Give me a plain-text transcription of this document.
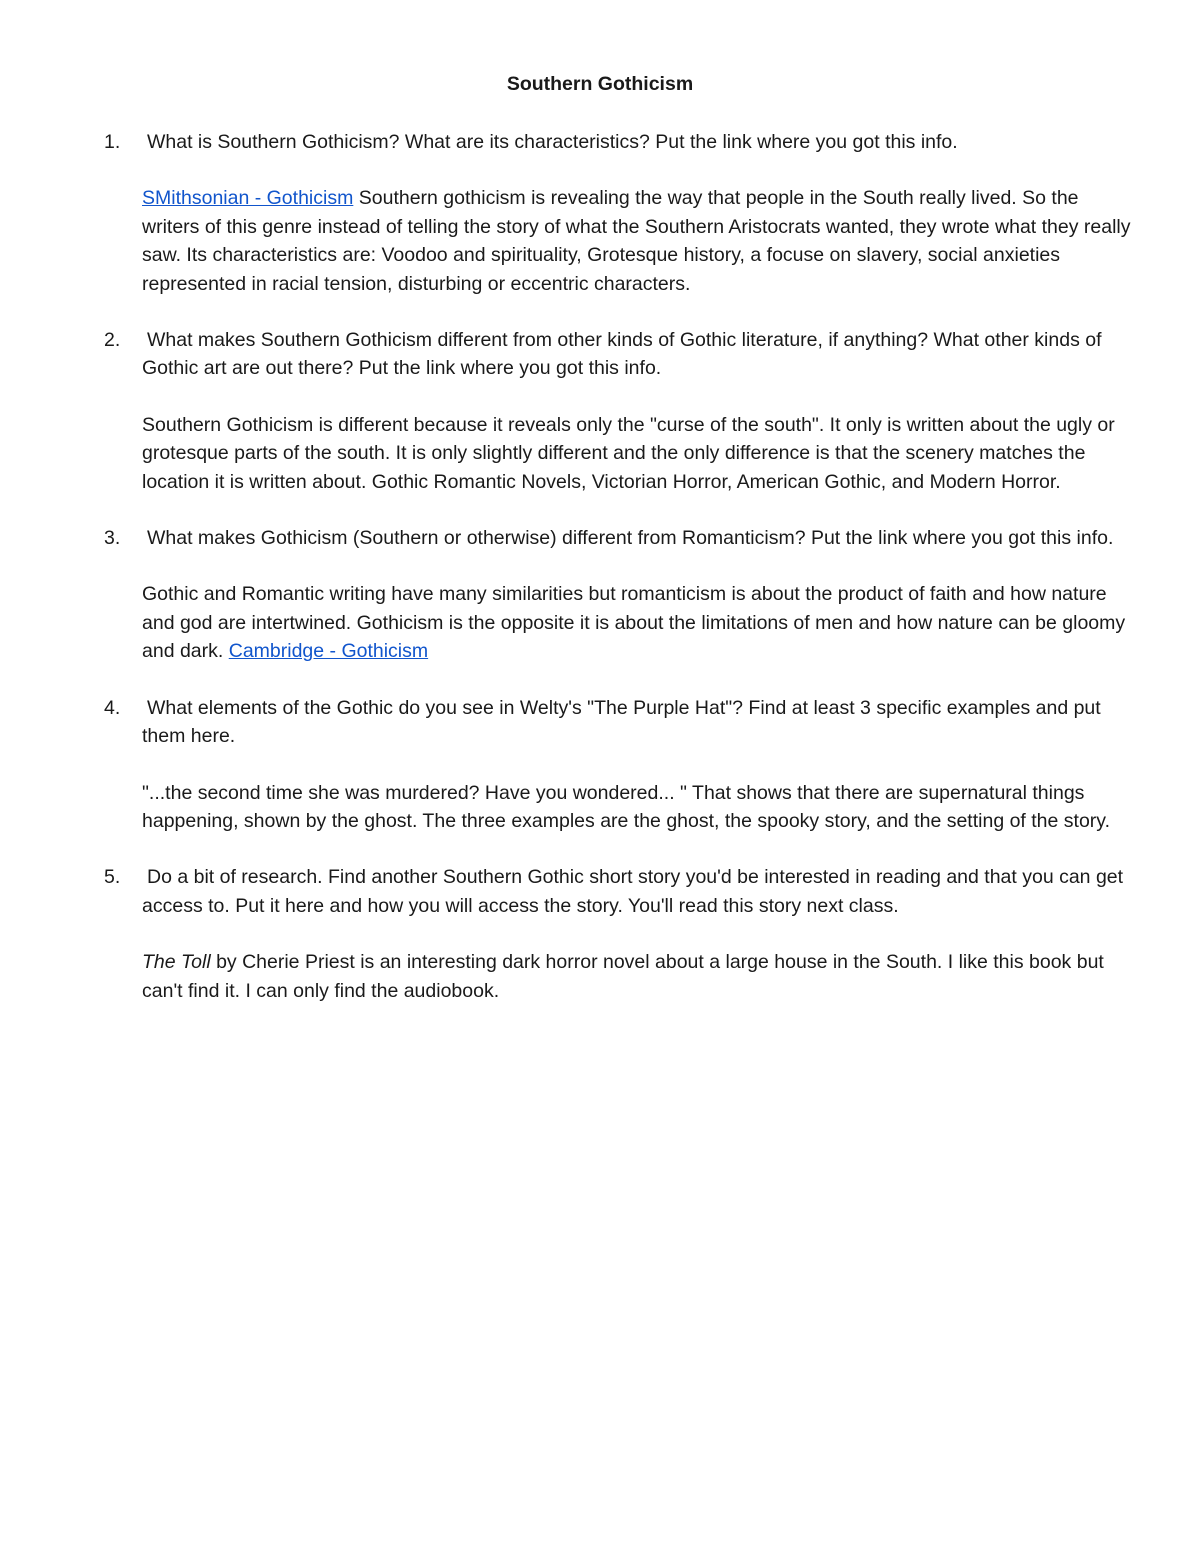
Southern Gothicism
1. What is Southern Gothicism? What are its characteristics? Put the link where you got this info.
SMithsonian - Gothicism Southern gothicism is revealing the way that people in the South really lived. So the writers of this genre instead of telling the story of what the Southern Aristocrats wanted, they wrote what they really saw. Its characteristics are: Voodoo and spirituality, Grotesque history, a focuse on slavery, social anxieties represented in racial tension, disturbing or eccentric characters.
2. What makes Southern Gothicism different from other kinds of Gothic literature, if anything? What other kinds of Gothic art are out there? Put the link where you got this info.
Southern Gothicism is different because it reveals only the "curse of the south". It only is written about the ugly or grotesque parts of the south. It is only slightly different and the only difference is that the scenery matches the location it is written about. Gothic Romantic Novels, Victorian Horror, American Gothic, and Modern Horror.
3. What makes Gothicism (Southern or otherwise) different from Romanticism? Put the link where you got this info.
Gothic and Romantic writing have many similarities but romanticism is about the product of faith and how nature and god are intertwined. Gothicism is the opposite it is about the limitations of men and how nature can be gloomy and dark. Cambridge - Gothicism
4. What elements of the Gothic do you see in Welty's "The Purple Hat"? Find at least 3 specific examples and put them here.
"...the second time she was murdered? Have you wondered... " That shows that there are supernatural things happening, shown by the ghost. The three examples are the ghost, the spooky story, and the setting of the story.
5. Do a bit of research. Find another Southern Gothic short story you'd be interested in reading and that you can get access to. Put it here and how you will access the story. You'll read this story next class.
The Toll by Cherie Priest is an interesting dark horror novel about a large house in the South. I like this book but can't find it. I can only find the audiobook.
